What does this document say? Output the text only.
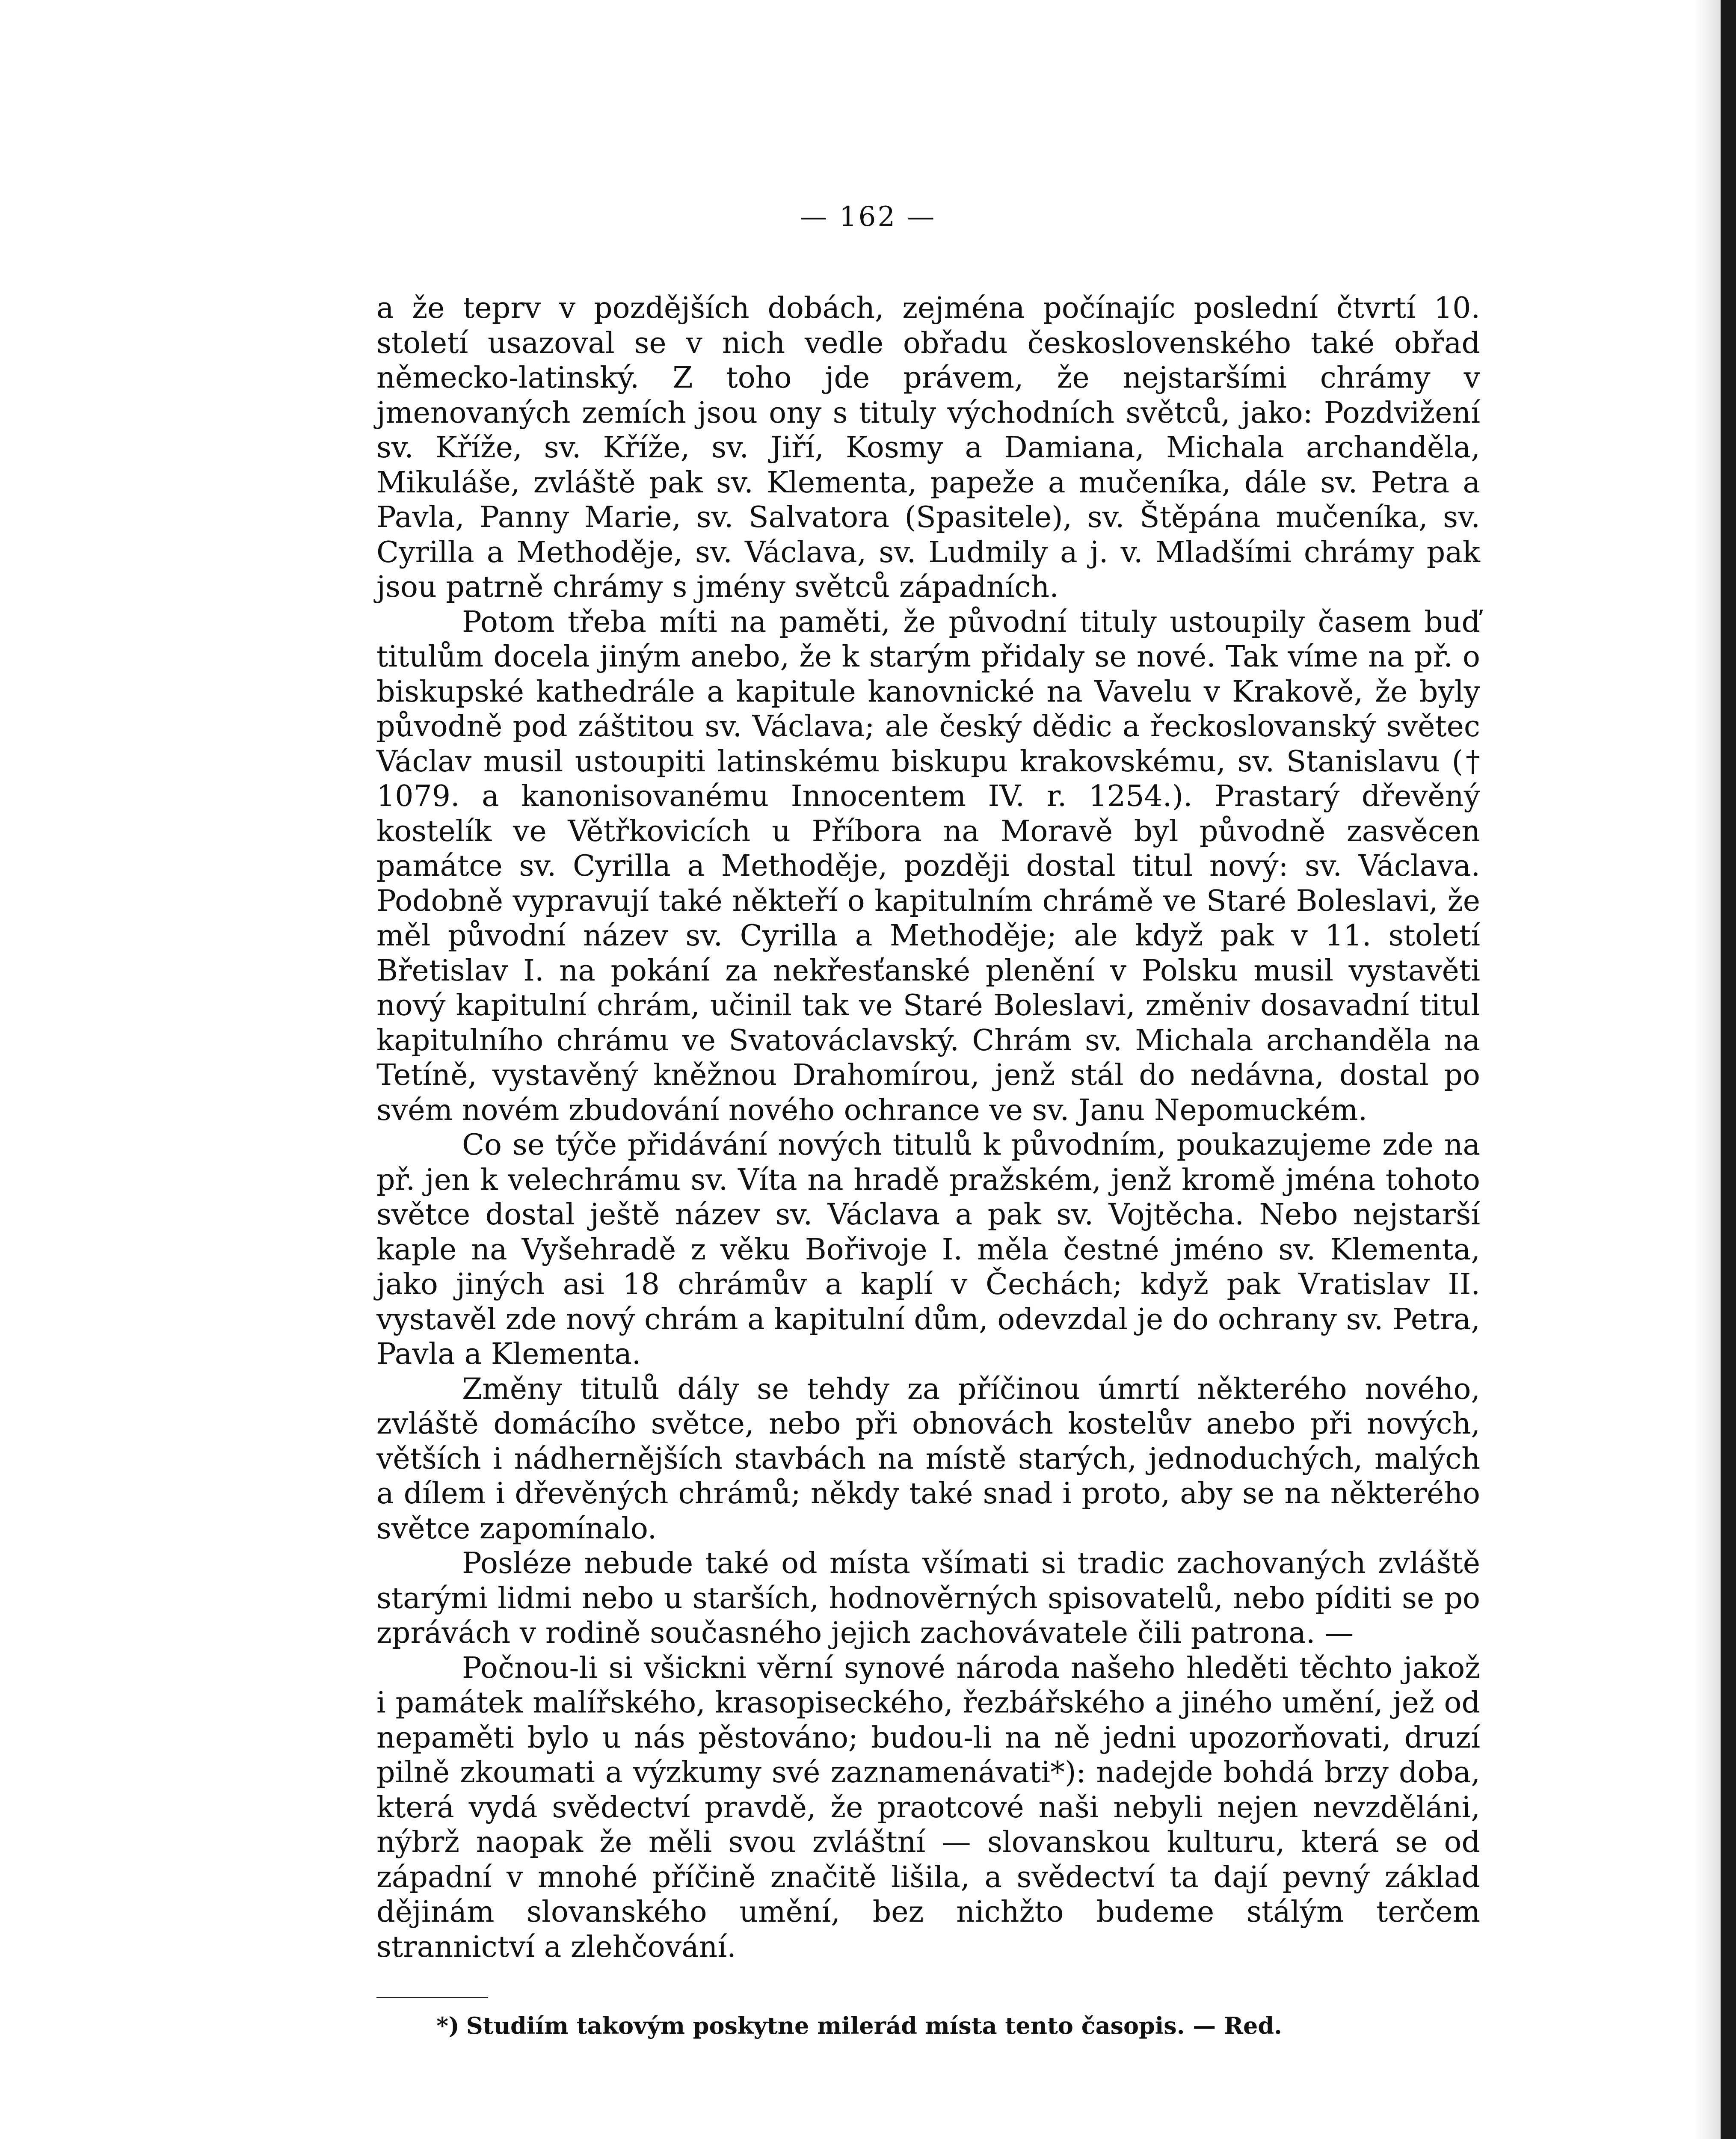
— 162 —

a že teprv v pozdějších dobách, zejména počínajíc poslední čtvrtí 10. století usazoval se v nich vedle obřadu československého také obřad německo-latinský. Z toho jde právem, že nejstaršími chrámy v jmenovaných zemích jsou ony s tituly východních světců, jako: Pozdvižení sv. Kříže, sv. Kříže, sv. Jiří, Kosmy a Damiana, Michala archanděla, Mikuláše, zvláště pak sv. Klementa, papeže a mučeníka, dále sv. Petra a Pavla, Panny Marie, sv. Salvatora (Spasitele), sv. Štěpána mučeníka, sv. Cyrilla a Methoděje, sv. Václava, sv. Ludmily a j. v. Mladšími chrámy pak jsou patrně chrámy s jmény světců západních.

Potom třeba míti na paměti, že původní tituly ustoupily časem buď titulům docela jiným anebo, že k starým přidaly se nové. Tak víme na př. o biskupské kathedrále a kapitule kanovnické na Vavelu v Krakově, že byly původně pod záštitou sv. Václava; ale český dědic a řeckoslovanský světec Václav musil ustoupiti latinskému biskupu krakovskému, sv. Stanislavu († 1079. a kanonisovanému Innocentem IV. r. 1254.). Prastarý dřevěný kostelík ve Větřkovicích u Příbora na Moravě byl původně zasvěcen památce sv. Cyrilla a Methoděje, později dostal titul nový: sv. Václava. Podobně vypravují také někteří o kapitulním chrámě ve Staré Boleslavi, že měl původní název sv. Cyrilla a Methoděje; ale když pak v 11. století Břetislav I. na pokání za nekřesťanské plenění v Polsku musil vystavěti nový kapitulní chrám, učinil tak ve Staré Boleslavi, změniv dosavadní titul kapitulního chrámu ve Svatováclavský. Chrám sv. Michala archanděla na Tetíně, vystavěný kněžnou Drahomírou, jenž stál do nedávna, dostal po svém novém zbudování nového ochrance ve sv. Janu Nepomuckém.

Co se týče přidávání nových titulů k původním, poukazujeme zde na př. jen k velechrámu sv. Víta na hradě pražském, jenž kromě jména tohoto světce dostal ještě název sv. Václava a pak sv. Vojtěcha. Nebo nejstarší kaple na Vyšehradě z věku Bořivoje I. měla čestné jméno sv. Klementa, jako jiných asi 18 chrámův a kaplí v Čechách; když pak Vratislav II. vystavěl zde nový chrám a kapitulní dům, odevzdal je do ochrany sv. Petra, Pavla a Klementa.

Změny titulů dály se tehdy za příčinou úmrtí některého nového, zvláště domácího světce, nebo při obnovách kostelův anebo při nových, větších i nádhernějších stavbách na místě starých, jednoduchých, malých a dílem i dřevěných chrámů; někdy také snad i proto, aby se na některého světce zapomínalo.

Posléze nebude také od místa všímati si tradic zachovaných zvláště starými lidmi nebo u starších, hodnověrných spisovatelů, nebo píditi se po zprávách v rodině současného jejich zachovávatele čili patrona. —

Počnou-li si všickni věrní synové národa našeho hleděti těchto jakož i památek malířského, krasopiseckého, řezbářského a jiného umění, jež od nepaměti bylo u nás pěstováno; budou-li na ně jedni upozorňovati, druzí pilně zkoumati a výzkumy své zaznamenávati*): nadejde bohdá brzy doba, která vydá svědectví pravdě, že praotcové naši nebyli nejen nevzděláni, nýbrž naopak že měli svou zvláštní — slovanskou kulturu, která se od západní v mnohé příčině značitě lišila, a svědectví ta dají pevný základ dějinám slovanského umění, bez nichžto budeme stálým terčem strannictví a zlehčování.

*) Studiím takovým poskytne milerád místa tento časopis. — Red.
